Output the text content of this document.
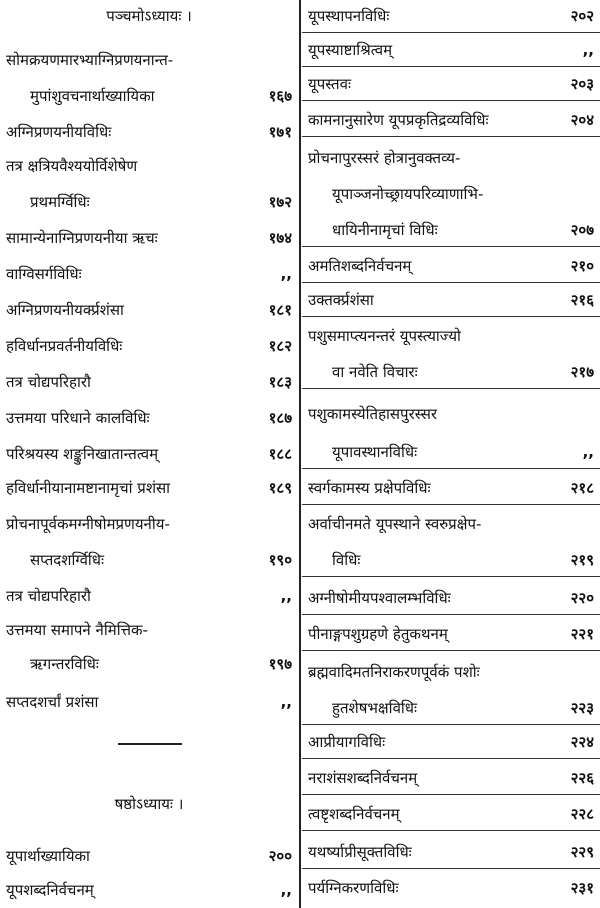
पञ्चमोऽध्यायः ।
सोमक्रयणमारभ्याग्निप्रणयनान्त-
मुपांशुवचनार्थाख्यायिका	१६७
अग्निप्रणयनीयविधिः	१७१
तत्र क्षत्रियवैश्ययोर्विशेषेण
प्रथमर्ग्विधिः	१७२
सामान्येनाग्निप्रणयनीया ऋचः	१७४
वाग्विसर्गविधिः	,,
अग्निप्रणयनीयर्क्प्रशंसा	१८१
हविर्धानप्रवर्तनीयविधिः	१८२
तत्र चोद्यपरिहारौ	१८३
उत्तमया परिधाने कालविधिः	१८७
परिश्रयस्य शङ्कुनिखातान्तत्वम्	१८८
हविर्धानीयानामष्टानामृचां प्रशंसा	१८९
प्रोचनापूर्वकमग्नीषोमप्रणयनीय-
सप्तदशर्ग्विधिः	१९०
तत्र चोद्यपरिहारौ	,,
उत्तमया समापने नैमित्तिक-
ऋगन्तरविधिः	१९७
सप्तदशर्चां प्रशंसा	,,
षष्ठोऽध्यायः ।
यूपार्थाख्यायिका	२००
यूपशब्दनिर्वचनम्	,,
यूपस्थापनविधिः	२०२
यूपस्याष्टाश्रित्वम्	,,
यूपस्तवः	२०३
कामनानुसारेण यूपप्रकृतिद्रव्यविधिः	२०४
प्रोचनापुरस्सरं होत्रानुवक्तव्य-
यूपाञ्जनोच्छ्रायपरिव्याणाभि-
धायिनीनामृचां विधिः	२०७
अमतिशब्दनिर्वचनम्	२१०
उक्तर्क्प्रशंसा	२१६
पशुसमाप्त्यनन्तरं यूपस्त्याज्यो
वा नवेति विचारः	२१७
पशुकामस्येतिहासपुरस्सर
यूपावस्थानविधिः	,,
स्वर्गकामस्य प्रक्षेपविधिः	२१८
अर्वाचीनमते यूपस्थाने स्वरुप्रक्षेप-
विधिः	२१९
अग्नीषोमीयपश्वालम्भविधिः	२२०
पीनाङ्गपशुग्रहणे हेतुकथनम्	२२१
ब्रह्मवादिमतनिराकरणपूर्वकं पशोः
हुतशेषभक्षविधिः	२२३
आप्रीयागविधिः	२२४
नराशंसशब्दनिर्वचनम्	२२६
त्वष्टृशब्दनिर्वचनम्	२२८
यथर्ष्याप्रीसूक्तविधिः	२२९
पर्यग्निकरणविधिः	२३१
